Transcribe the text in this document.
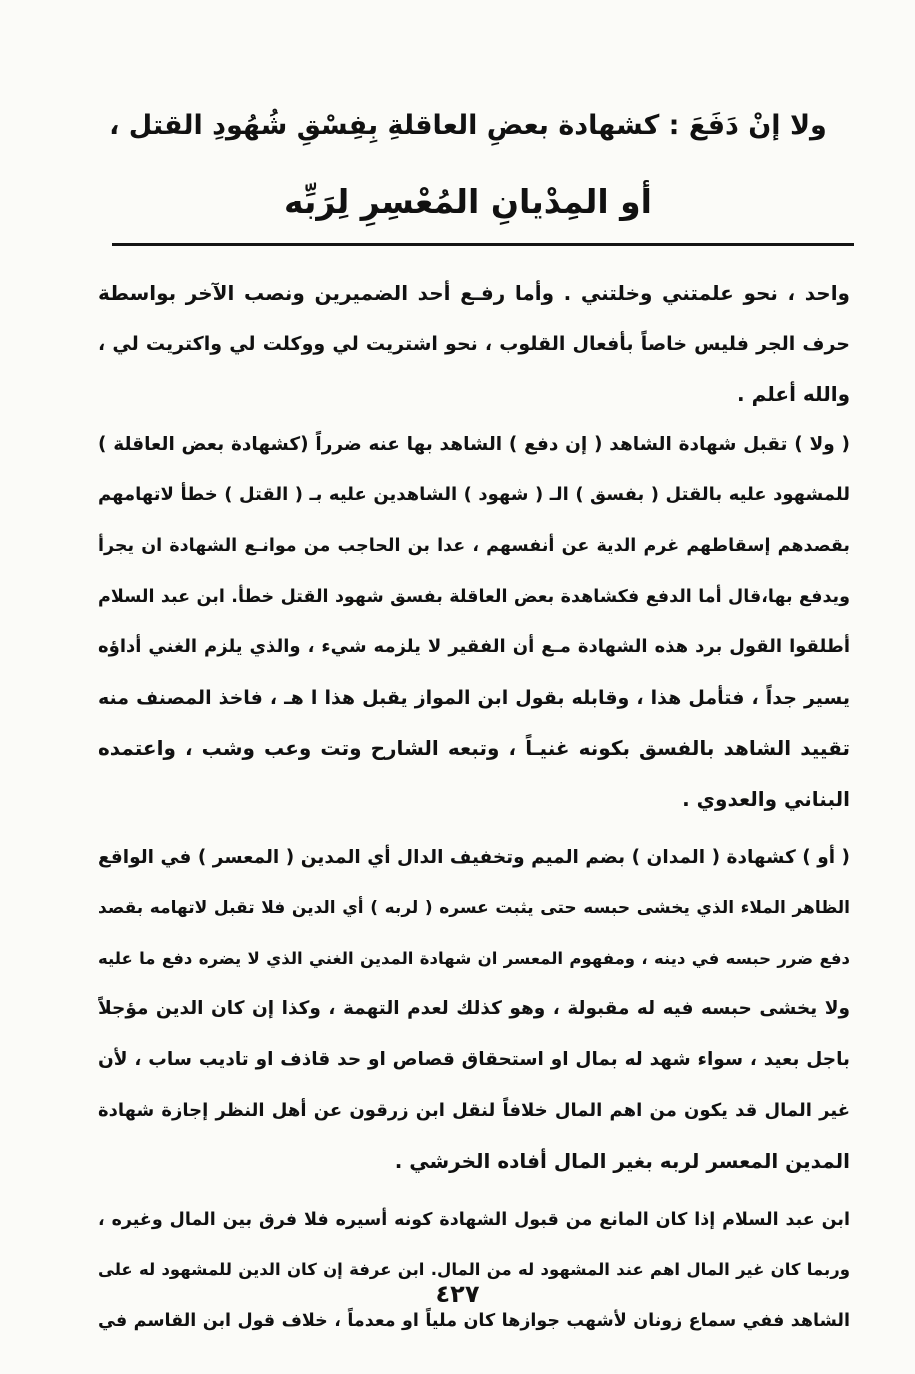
ولا إنْ دَفَعَ : كشهادة بعضِ العاقلةِ بِفِسْقِ شُهُودِ القتل ،
أو المِدْيانِ المُعْسِرِ لِرَبِّه
واحد ، نحو علمتني وخلتني . وأما رفـع أحد الضميرين ونصب الآخر بواسطة
حرف الجر فليس خاصاً بأفعال القلوب ، نحو اشتريت لي ووكلت لي واكتريت لي ،
والله أعلم .
( ولا ) تقبل شهادة الشاهد ( إن دفع ) الشاهد بها عنه ضرراً (كشهادة بعض العاقلة )
للمشهود عليه بالقتل ( بفسق ) الـ ( شهود ) الشاهدين عليه بـ ( القتل ) خطأ لاتهامهم
بقصدهم إسقاطهم غرم الدية عن أنفسهم ، عدا بن الحاجب من موانـع الشهادة ان يجرأ
ويدفع بها،قال أما الدفع فكشاهدة بعض العاقلة بفسق شهود القتل خطأ. ابن عبد السلام
أطلقوا القول برد هذه الشهادة مـع أن الفقير لا يلزمه شيء ، والذي يلزم الغني أداؤه
يسير جداً ، فتأمل هذا ، وقابله بقول ابن المواز يقبل هذا ا هـ ، فاخذ المصنف منه
تقييد الشاهد بالفسق بكونه غنيـاً ، وتبعه الشارح وتت وعب وشب ، واعتمده
البناني والعدوي .
( أو ) كشهادة ( المدان ) بضم الميم وتخفيف الدال أي المدين ( المعسر ) في الواقع
الظاهر الملاء الذي يخشى حبسه حتى يثبت عسره ( لربه ) أي الدين فلا تقبل لاتهامه بقصد
دفع ضرر حبسه في دينه ، ومفهوم المعسر ان شهادة المدين الغني الذي لا يضره دفع ما عليه
ولا يخشى حبسه فيه له مقبولة ، وهو كذلك لعدم التهمة ، وكذا إن كان الدين مؤجلاً
باجل بعيد ، سواء شهد له بمال او استحقاق قصاص او حد قاذف او تاديب ساب ، لأن
غير المال قد يكون من اهم المال خلافاً لنقل ابن زرقون عن أهل النظر إجازة شهادة
المدين المعسر لربه بغير المال أفاده الخرشي .
ابن عبد السلام إذا كان المانع من قبول الشهادة كونه أسيره فلا فرق بين المال وغيره ،
وربما كان غير المال اهم عند المشهود له من المال. ابن عرفة إن كان الدين للمشهود له على
الشاهد ففي سماع زونان لأشهب جوازها كان ملياً او معدماً ، خلاف قول ابن القاسم في
٤٢٧
